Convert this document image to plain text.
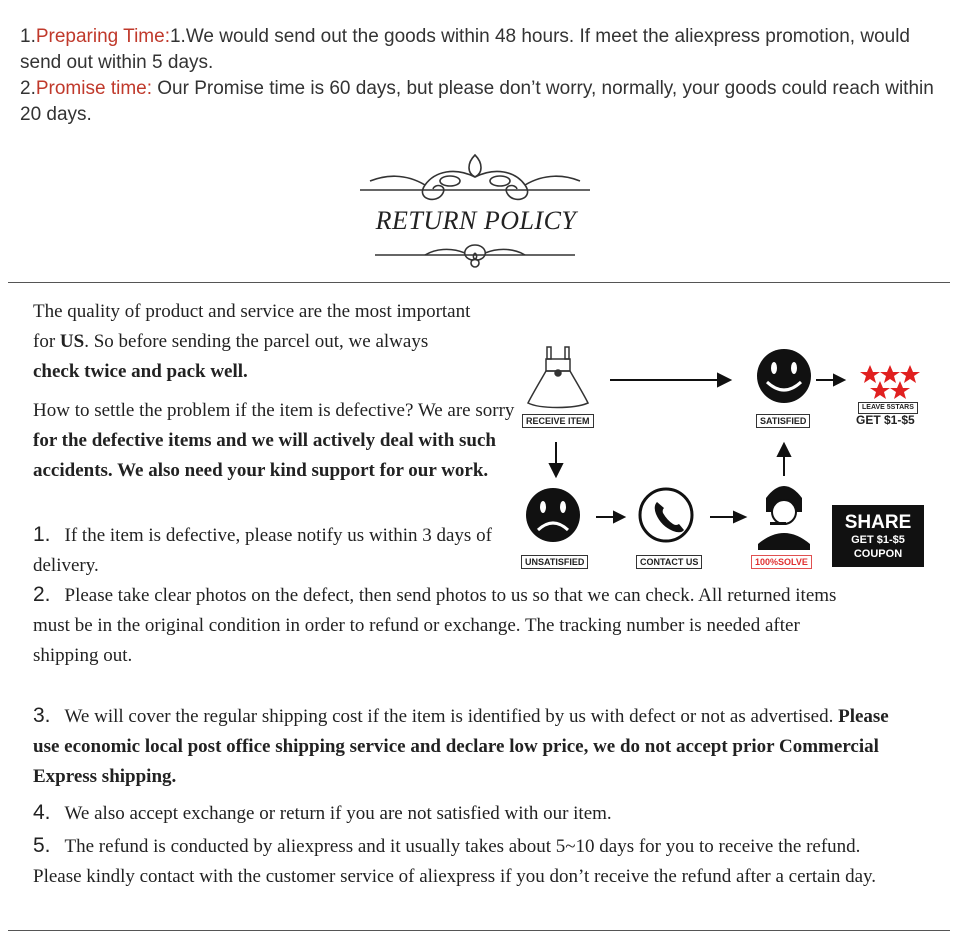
1.Preparing Time:1.We would send out the goods within 48 hours. If meet the aliexpress promotion, would send out within 5 days.
2.Promise time: Our Promise time is 60 days, but please don’t worry, normally, your goods could reach within 20 days.
RETURN POLICY
The quality of product and service are the most important for US. So before sending the parcel out, we always check twice and pack well.
How to settle the problem if the item is defective? We are sorry for the defective items and we will actively deal with such accidents. We also need your kind support for our work.
1. If the item is defective, please notify us within 3 days of delivery.
2. Please take clear photos on the defect, then send photos to us so that we can check. All returned items must be in the original condition in order to refund or exchange. The tracking number is needed after shipping out.
3. We will cover the regular shipping cost if the item is identified by us with defect or not as advertised. Please use economic local post office shipping service and declare low price, we do not accept prior Commercial Express shipping.
4. We also accept exchange or return if you are not satisfied with our item.
5. The refund is conducted by aliexpress and it usually takes about 5~10 days for you to receive the refund. Please kindly contact with the customer service of aliexpress if you don’t receive the refund after a certain day.
RECEIVE ITEM	SATISFIED
UNSATISFIED	CONTACT US	100%SOLVE
LEAVE 5STARS
GET $1-$5
SHARE
GET $1-$5
COUPON
